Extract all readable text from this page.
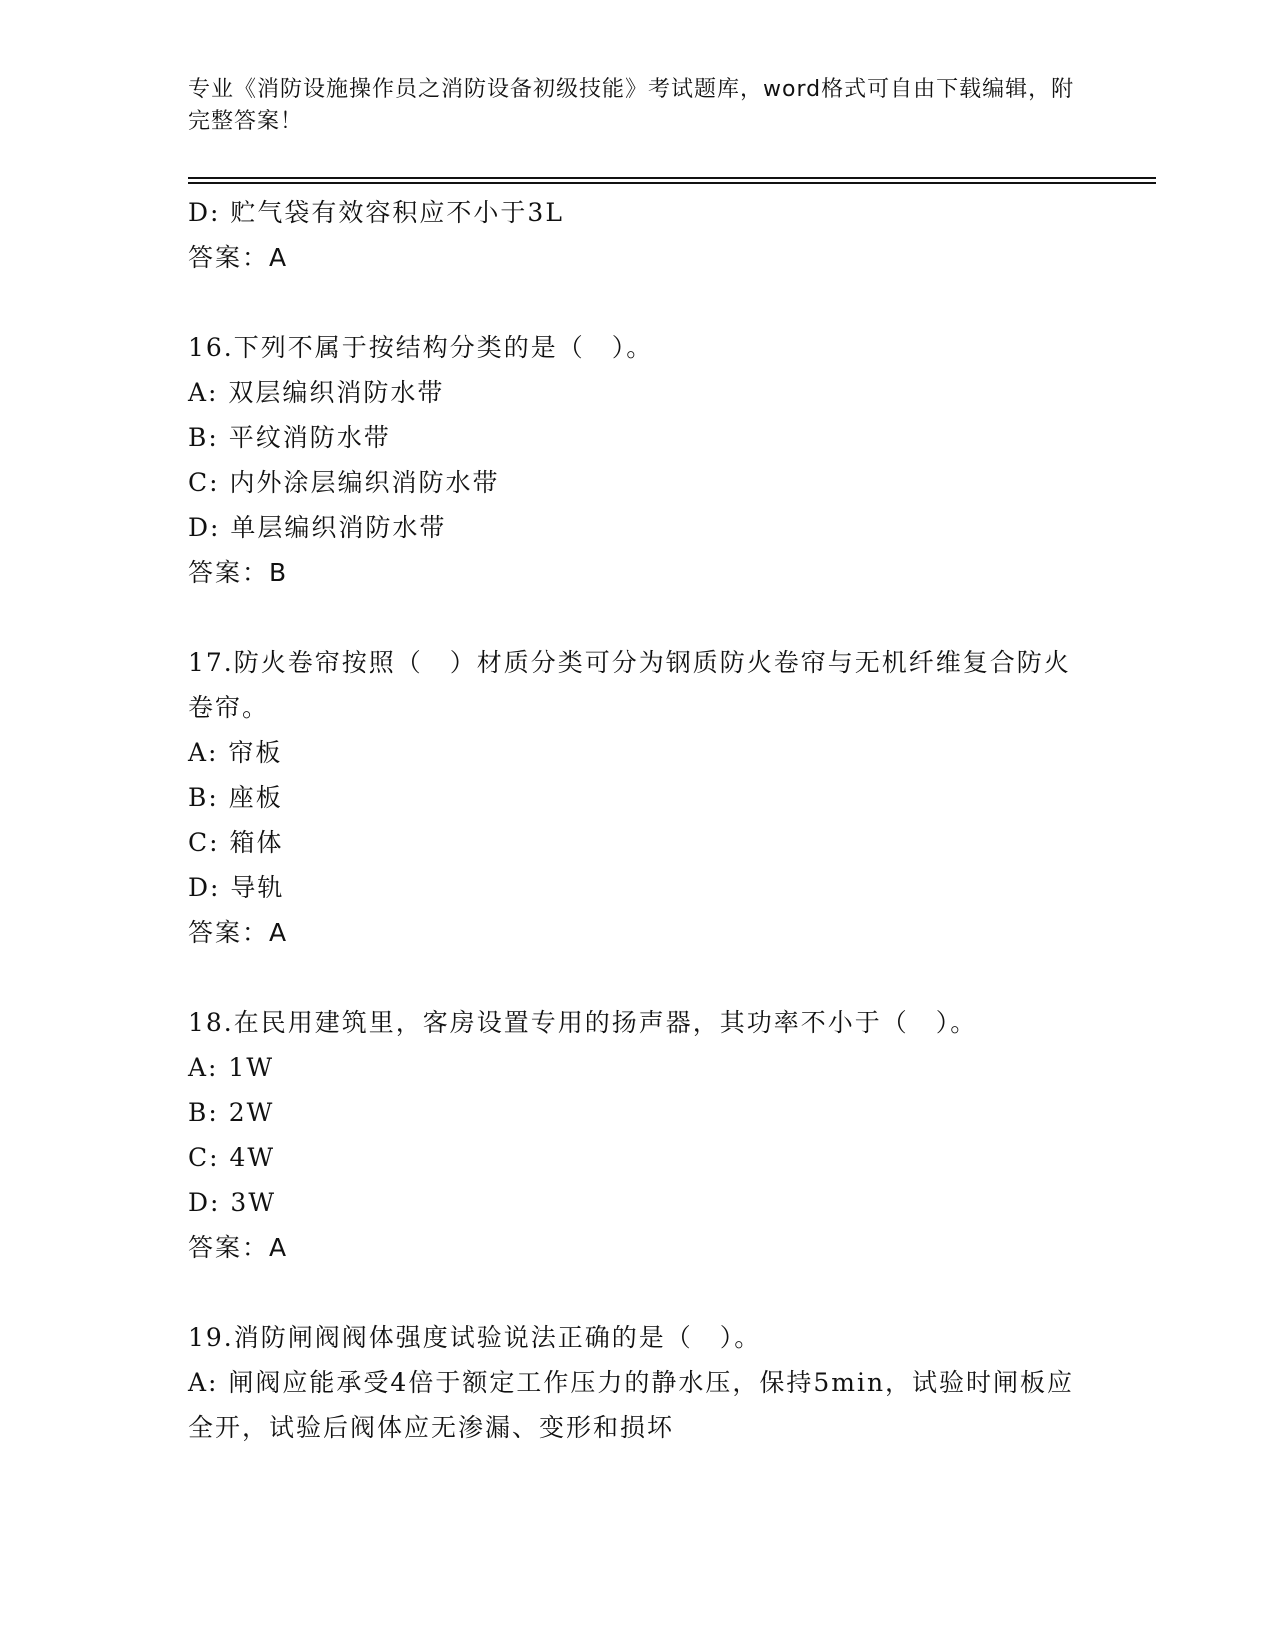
专业《消防设施操作员之消防设备初级技能》考试题库，word格式可自由下载编辑，附完整答案！
D: 贮气袋有效容积应不小于3L
答案：A
16.下列不属于按结构分类的是（　）。
A: 双层编织消防水带
B: 平纹消防水带
C: 内外涂层编织消防水带
D: 单层编织消防水带
答案：B
17.防火卷帘按照（　）材质分类可分为钢质防火卷帘与无机纤维复合防火卷帘。
A: 帘板
B: 座板
C: 箱体
D: 导轨
答案：A
18.在民用建筑里，客房设置专用的扬声器，其功率不小于（　）。
A: 1W
B: 2W
C: 4W
D: 3W
答案：A
19.消防闸阀阀体强度试验说法正确的是（　）。
A: 闸阀应能承受4倍于额定工作压力的静水压，保持5min，试验时闸板应全开，试验后阀体应无渗漏、变形和损坏
